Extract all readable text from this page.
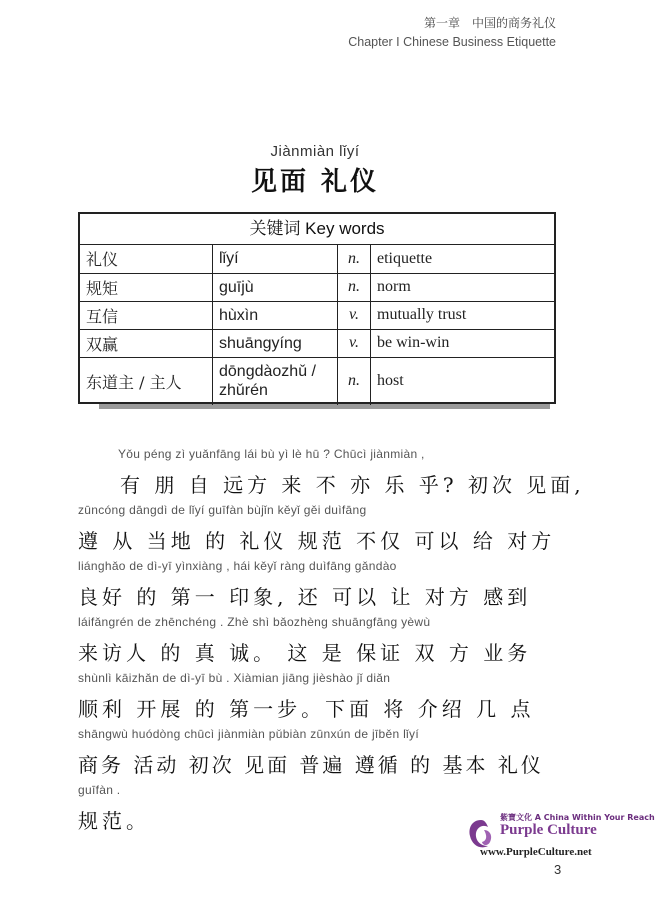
第一章　中国的商务礼仪
Chapter I Chinese Business Etiquette
Jiànmiàn lǐyí
见面 礼仪
关键词 Key words
礼仪	lǐyí	n.	etiquette
规矩	guījù	n.	norm
互信	hùxìn	v.	mutually trust
双赢	shuāngyíng	v.	be win-win
东道主 / 主人	dōngdàozhǔ / zhǔrén	n.	host
Yǒu péng zì yuǎnfāng lái bù yì lè hū ? Chūcì jiànmiàn ,
有 朋 自 远方 来 不 亦 乐 乎? 初次 见面,
zūncóng dāngdì de lǐyí guīfàn bùjǐn kěyǐ gěi duìfāng
遵 从 当地 的 礼仪 规范 不仅 可以 给 对方
liánghǎo de dì-yī yìnxiàng , hái kěyǐ ràng duìfāng gǎndào
良好 的 第一 印象, 还 可以 让 对方 感到
láifǎngrén de zhēnchéng . Zhè shì bǎozhèng shuāngfāng yèwù
来访人 的 真 诚。 这 是 保证 双 方 业务
shùnlì kāizhǎn de dì-yī bù . Xiàmian jiāng jièshào jǐ diǎn
顺利 开展 的 第一步。下面 将 介绍 几 点
shāngwù huódòng chūcì jiànmiàn pǔbiàn zūnxún de jīběn lǐyí
商务 活动 初次 见面 普遍 遵循 的 基本 礼仪
guīfàn .
规范。	紫寶文化 A China Within Your Reach
Purple Culture
www.PurpleCulture.net
3
